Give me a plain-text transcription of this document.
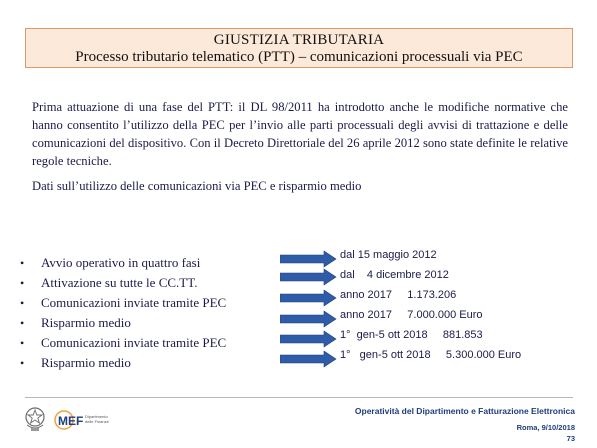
GIUSTIZIA TRIBUTARIA
Processo tributario telematico (PTT) – comunicazioni processuali via PEC

Prima attuazione di una fase del PTT: il DL 98/2011 ha introdotto anche le modifiche normative che hanno consentito l’utilizzo della PEC per l’invio alle parti processuali degli avvisi di trattazione e delle comunicazioni del dispositivo. Con il Decreto Direttoriale del 26 aprile 2012 sono state definite le relative regole tecniche.

Dati sull’utilizzo delle comunicazioni via PEC e risparmio medio

• Avvio operativo in quattro fasi
• Attivazione su tutte le CC.TT.
• Comunicazioni inviate tramite PEC
• Risparmio medio
• Comunicazioni inviate tramite PEC
• Risparmio medio
dal 15 maggio 2012
dal    4 dicembre 2012
anno 2017     1.173.206
anno 2017     7.000.000 Euro
1°  gen-5 ott 2018     881.853
1°   gen-5 ott 2018     5.300.000 Euro
MEF Dipartimento
delle Finanze
Operatività del Dipartimento e Fatturazione Elettronica
Roma, 9/10/2018
73
